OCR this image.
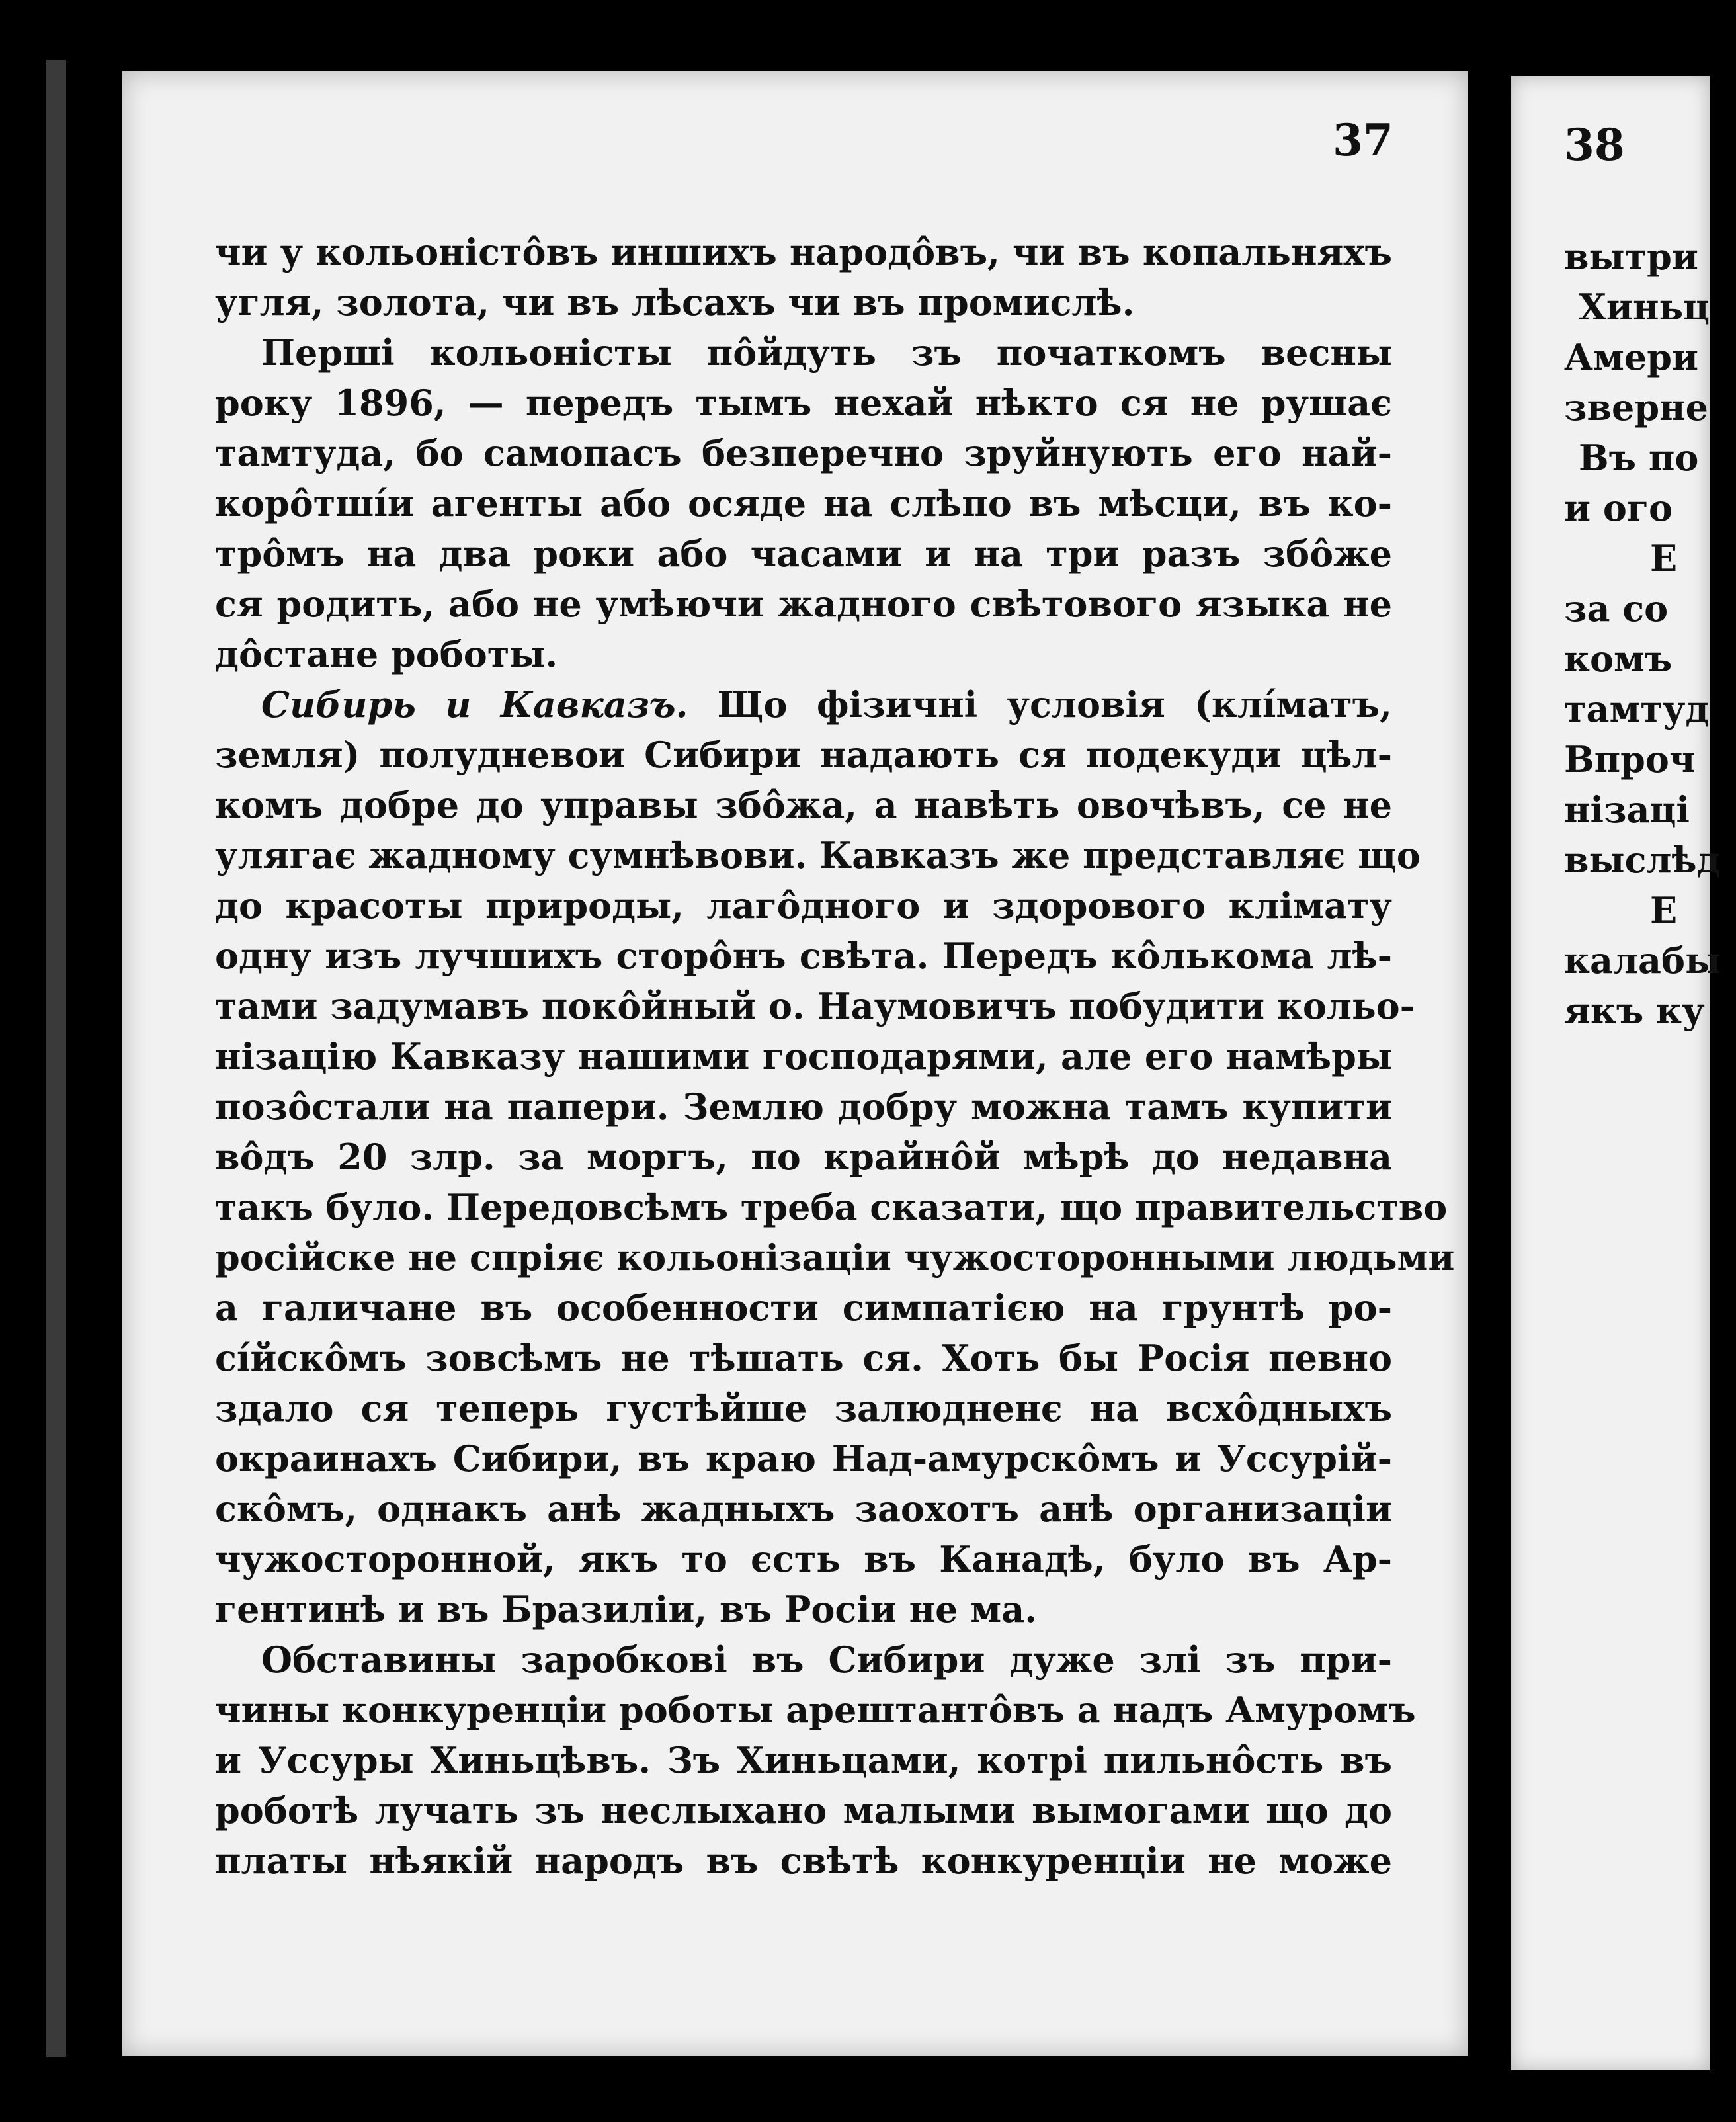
37
чи у кольоністо̂въ иншихъ народо̂въ, чи въ копальняхъ
угля, золота, чи въ лѣсахъ чи въ промислѣ.
Першi кольоністы по̂йдуть зъ початкомъ весны
року 1896, — передъ тымъ нехай нѣкто ся не рушає
тамтуда, бо самопасъ безперечно зруйнують его най-
коро̂тшíи агенты або осяде на слѣпо въ мѣсци, въ ко-
тро̂мъ на два роки або часами и на три разъ збо̂же
ся родить, або не умѣючи жадного свѣтового языка не
до̂стане роботы.
Сибирь и Кавказъ. Що фізичнi условія (клíматъ,
земля) полудневои Сибири надають ся подекуди цѣл-
комъ добре до управы збо̂жа, а навѣть овочѣвъ, се не
улягає жадному сумнѣвови. Кавказъ же представляє що
до красоты природы, лаго̂дного и здорового клімату
одну изъ лучшихъ сторо̂нъ свѣта. Передъ ко̂лькома лѣ-
тами задумавъ поко̂йный о. Наумовичъ побудити кольо-
нізацію Кавказу нашими господарями, але его намѣры
позо̂стали на папери. Землю добру можна тамъ купити
во̂дъ 20 злр. за моргъ, по крайно̂й мѣрѣ до недавна
такъ було. Передовсѣмъ треба сказати, що правительство
російске не спріяє кольонізаціи чужосторонными людьми
а галичане въ особенности симпатією на грунтѣ ро-
сíйско̂мъ зовсѣмъ не тѣшать ся. Хоть бы Росія певно
здало ся теперь густѣйше залюдненє на всхо̂дныхъ
окраинахъ Сибири, въ краю Над-амурско̂мъ и Уссурій-
ско̂мъ, однакъ анѣ жадныхъ заохотъ анѣ организаціи
чужосторонной, якъ то єсть въ Канадѣ, було въ Ар-
гентинѣ и въ Бразиліи, въ Росіи не ма.
Обставины заробковi въ Сибири дуже злi зъ при-
чины конкуренціи роботы арештанто̂въ а надъ Амуромъ
и Уссуры Хиньцѣвъ. Зъ Хиньцами, котрi пильно̂сть въ
роботѣ лучать зъ неслыхано малыми вымогами що до
платы нѣякiй народъ въ свѣтѣ конкуренціи не може
38
вытри
Хиньц
Амери
зверне
Въ по
и ого
Е
за со
комъ
тамтуд
Впроч
нізаці
выслѣд
Е
калабы
якъ ку
